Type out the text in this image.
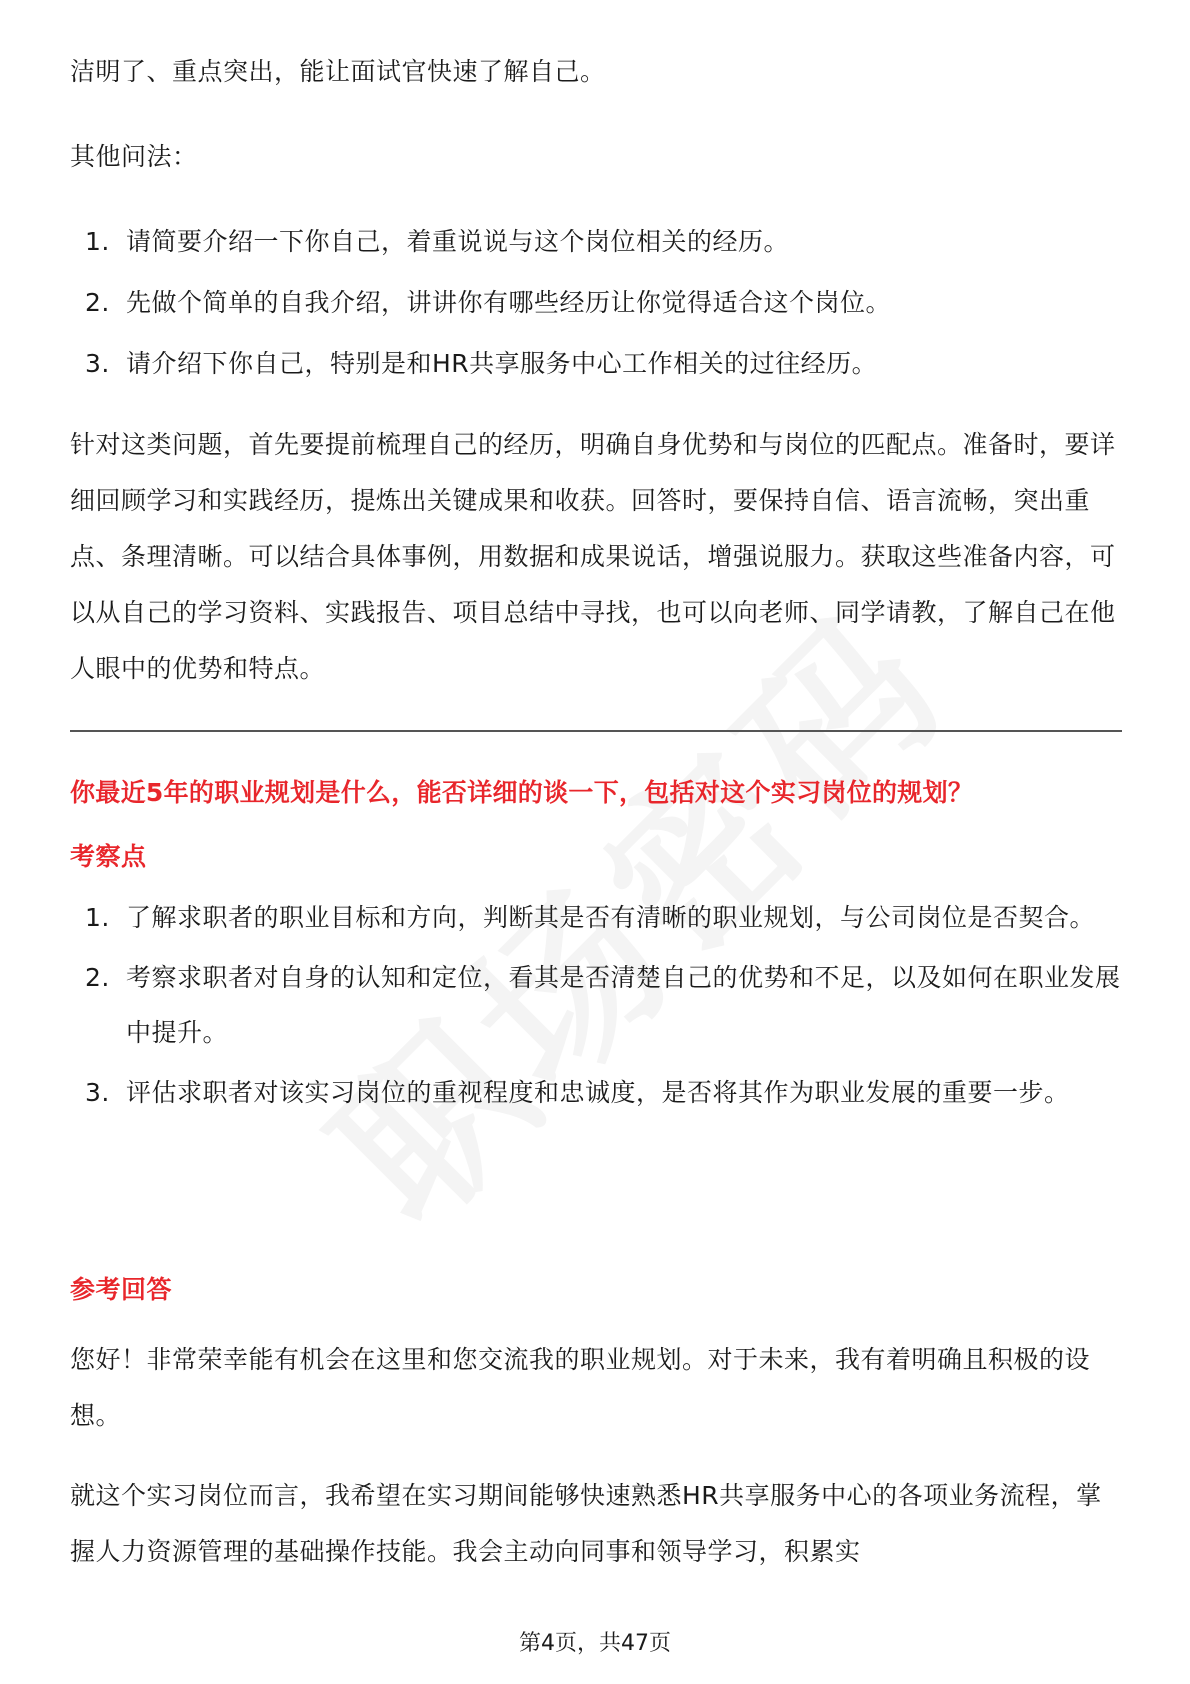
洁明了、重点突出，能让面试官快速了解自己。

其他问法：

1. 请简要介绍一下你自己，着重说说与这个岗位相关的经历。
2. 先做个简单的自我介绍，讲讲你有哪些经历让你觉得适合这个岗位。
3. 请介绍下你自己，特别是和HR共享服务中心工作相关的过往经历。

针对这类问题，首先要提前梳理自己的经历，明确自身优势和与岗位的匹配点。准备时，要详细回顾学习和实践经历，提炼出关键成果和收获。回答时，要保持自信、语言流畅，突出重点、条理清晰。可以结合具体事例，用数据和成果说话，增强说服力。获取这些准备内容，可以从自己的学习资料、实践报告、项目总结中寻找，也可以向老师、同学请教，了解自己在他人眼中的优势和特点。

你最近5年的职业规划是什么，能否详细的谈一下，包括对这个实习岗位的规划？

考察点

1. 了解求职者的职业目标和方向，判断其是否有清晰的职业规划，与公司岗位是否契合。
2. 考察求职者对自身的认知和定位，看其是否清楚自己的优势和不足，以及如何在职业发展中提升。
3. 评估求职者对该实习岗位的重视程度和忠诚度，是否将其作为职业发展的重要一步。

参考回答

您好！非常荣幸能有机会在这里和您交流我的职业规划。对于未来，我有着明确且积极的设想。

就这个实习岗位而言，我希望在实习期间能够快速熟悉HR共享服务中心的各项业务流程，掌握人力资源管理的基础操作技能。我会主动向同事和领导学习，积累实

第4页，共47页
